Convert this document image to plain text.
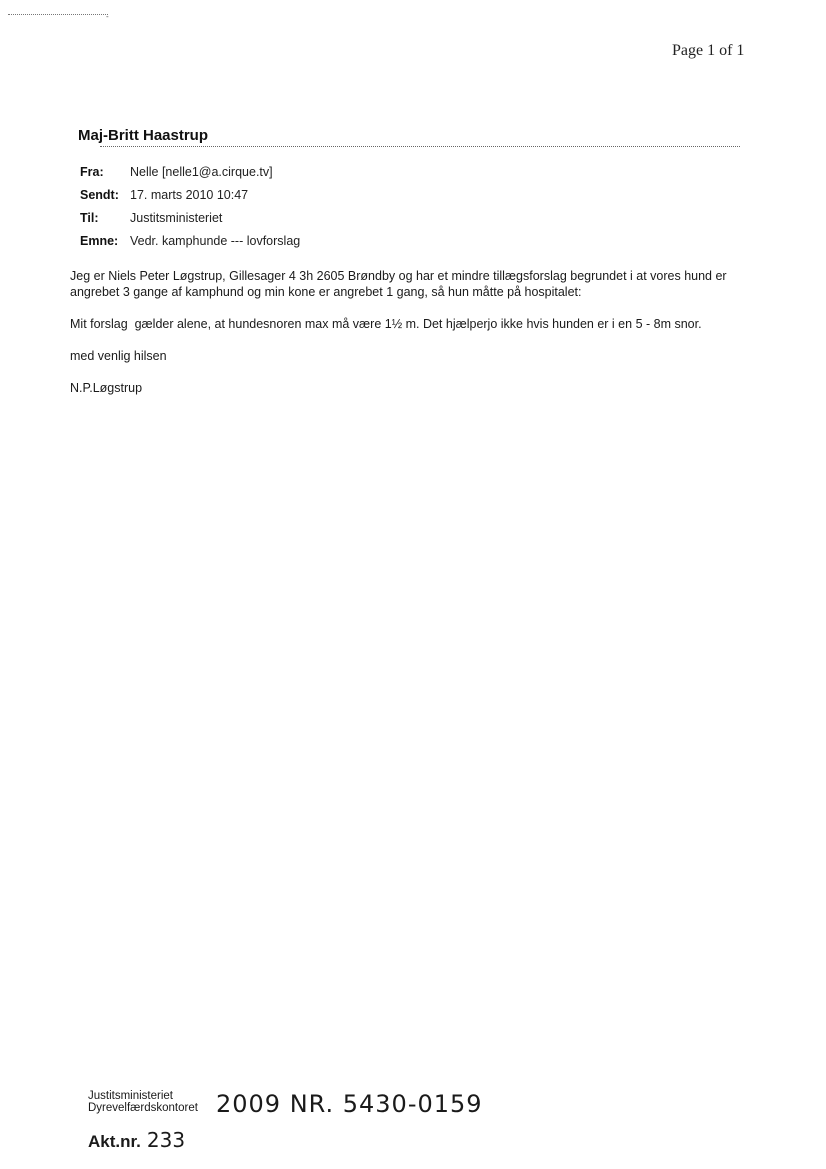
-
Page 1 of 1
Maj-Britt Haastrup
Fra:	Nelle [nelle1@a.cirque.tv]
Sendt: 17. marts 2010 10:47
Til:	Justitsministeriet
Emne: Vedr. kamphunde --- lovforslag

Jeg er Niels Peter Løgstrup, Gillesager 4 3h 2605 Brøndby og har et mindre tillægsforslag begrundet i at vores hund er angrebet 3 gange af kamphund og min kone er angrebet 1 gang, så hun måtte på hospitalet:

Mit forslag  gælder alene, at hundesnoren max må være 1½ m. Det hjælperjo ikke hvis hunden er i en 5 - 8m snor.

med venlig hilsen

N.P.Løgstrup

Justitsministeriet
Dyrevelfærdskontoret 2009 NR. 5430-0159
Akt.nr. 233
